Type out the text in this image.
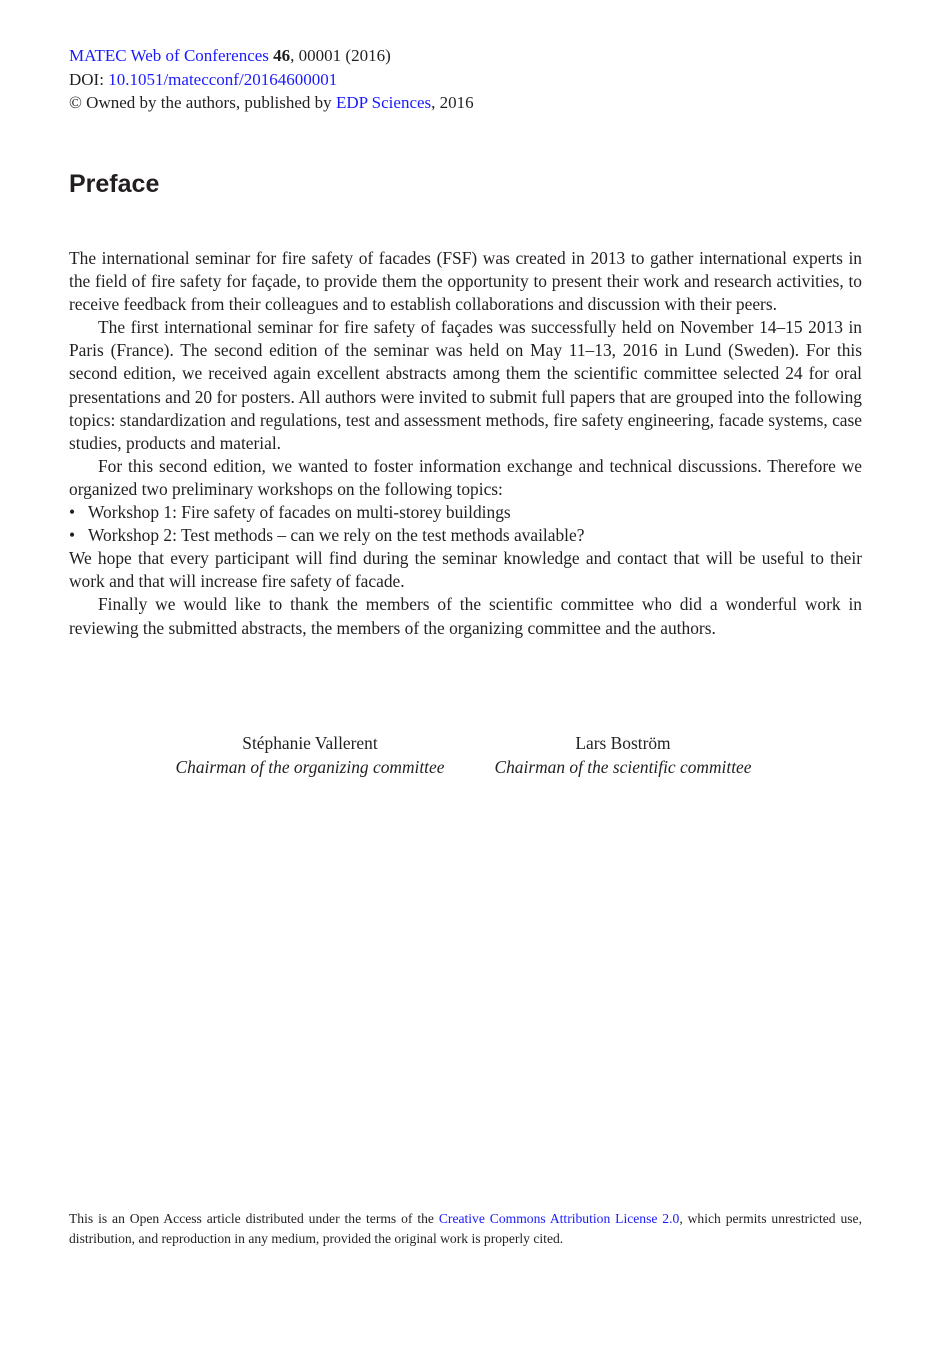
MATEC Web of Conferences 46, 00001 (2016)
DOI: 10.1051/matecconf/20164600001
© Owned by the authors, published by EDP Sciences, 2016
Preface

The international seminar for fire safety of facades (FSF) was created in 2013 to gather international experts in the field of fire safety for façade, to provide them the opportunity to present their work and research activities, to receive feedback from their colleagues and to establish collaborations and discussion with their peers.

The first international seminar for fire safety of façades was successfully held on November 14–15 2013 in Paris (France). The second edition of the seminar was held on May 11–13, 2016 in Lund (Sweden). For this second edition, we received again excellent abstracts among them the scientific committee selected 24 for oral presentations and 20 for posters. All authors were invited to submit full papers that are grouped into the following topics: standardization and regulations, test and assessment methods, fire safety engineering, facade systems, case studies, products and material.

For this second edition, we wanted to foster information exchange and technical discussions. Therefore we organized two preliminary workshops on the following topics:

• Workshop 1: Fire safety of facades on multi-storey buildings
• Workshop 2: Test methods – can we rely on the test methods available?

We hope that every participant will find during the seminar knowledge and contact that will be useful to their work and that will increase fire safety of facade.

Finally we would like to thank the members of the scientific committee who did a wonderful work in reviewing the submitted abstracts, the members of the organizing committee and the authors.

Stéphanie Vallerent
Chairman of the organizing committee
Lars Boström
Chairman of the scientific committee
This is an Open Access article distributed under the terms of the Creative Commons Attribution License 2.0, which permits unrestricted use, distribution, and reproduction in any medium, provided the original work is properly cited.
